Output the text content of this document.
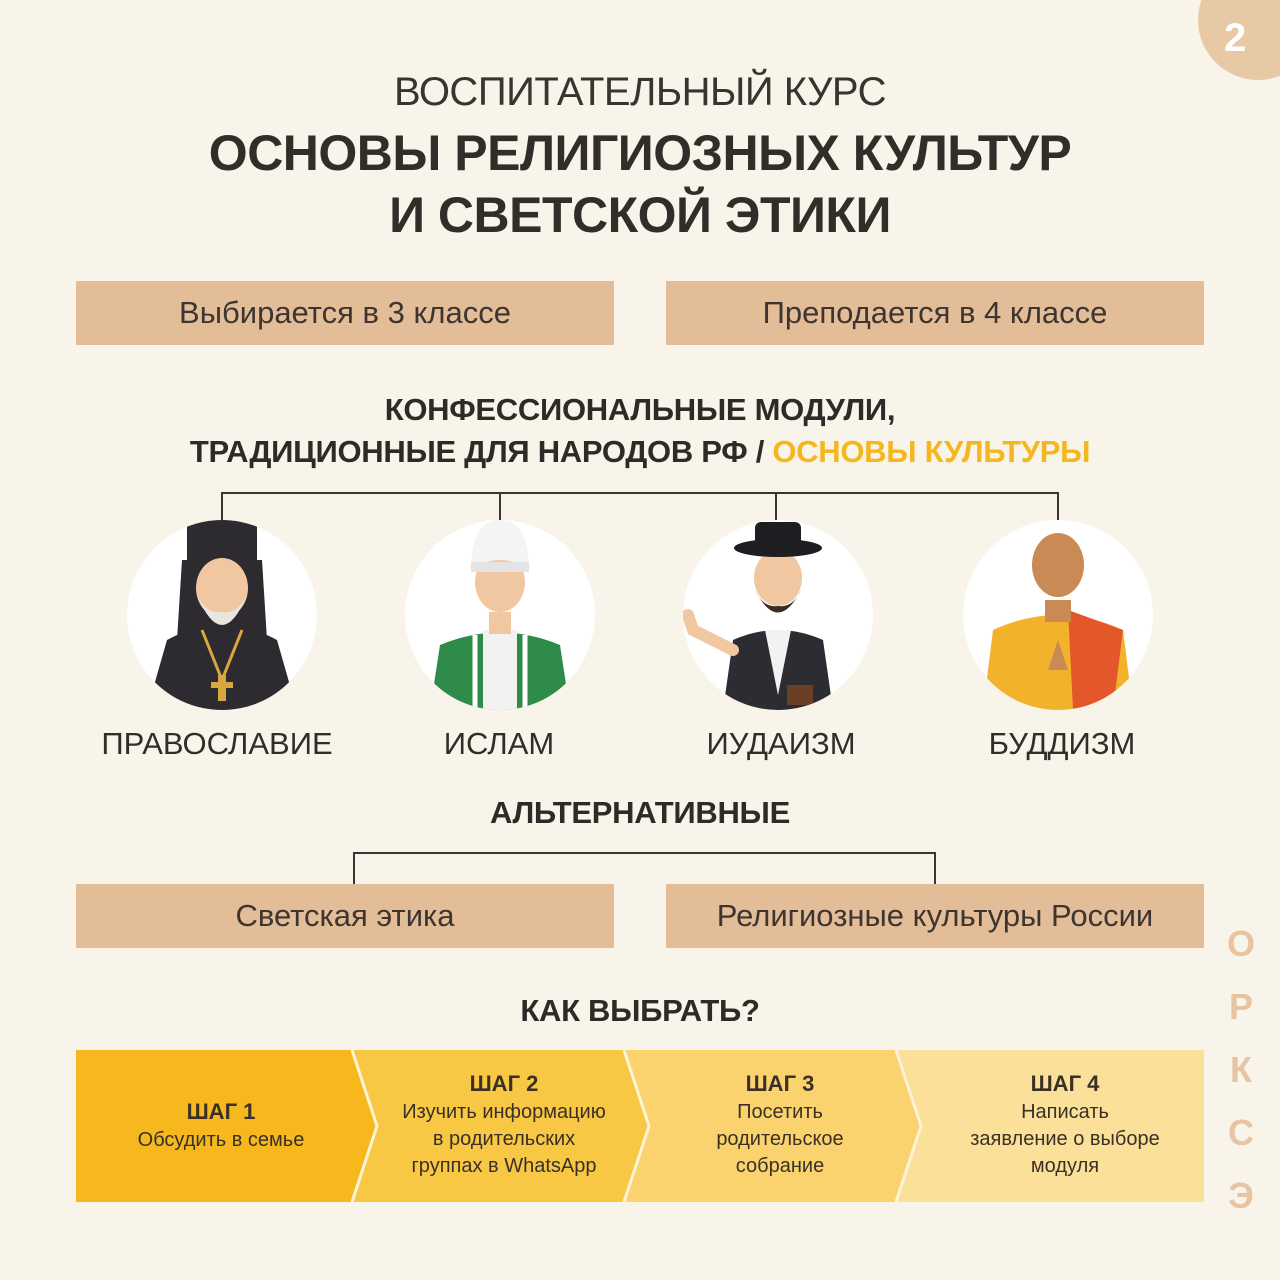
2
ВОСПИТАТЕЛЬНЫЙ КУРС
ОСНОВЫ РЕЛИГИОЗНЫХ КУЛЬТУР
И СВЕТСКОЙ ЭТИКИ
Выбирается в 3 классе	Преподается в 4 классе
КОНФЕССИОНАЛЬНЫЕ МОДУЛИ,
ТРАДИЦИОННЫЕ ДЛЯ НАРОДОВ РФ / ОСНОВЫ КУЛЬТУРЫ
ПРАВОСЛАВИЕ	ИСЛАМ	ИУДАИЗМ	БУДДИЗМ
АЛЬТЕРНАТИВНЫЕ
Светская этика	Религиозные культуры России
КАК ВЫБРАТЬ?
ШАГ 1
Обсудить в семье
ШАГ 2
Изучить информацию
в родительских
группах в WhatsApp
ШАГ 3
Посетить
родительское
собрание
ШАГ 4
Написать
заявление о выборе
модуля
О
Р
К
С
Э
